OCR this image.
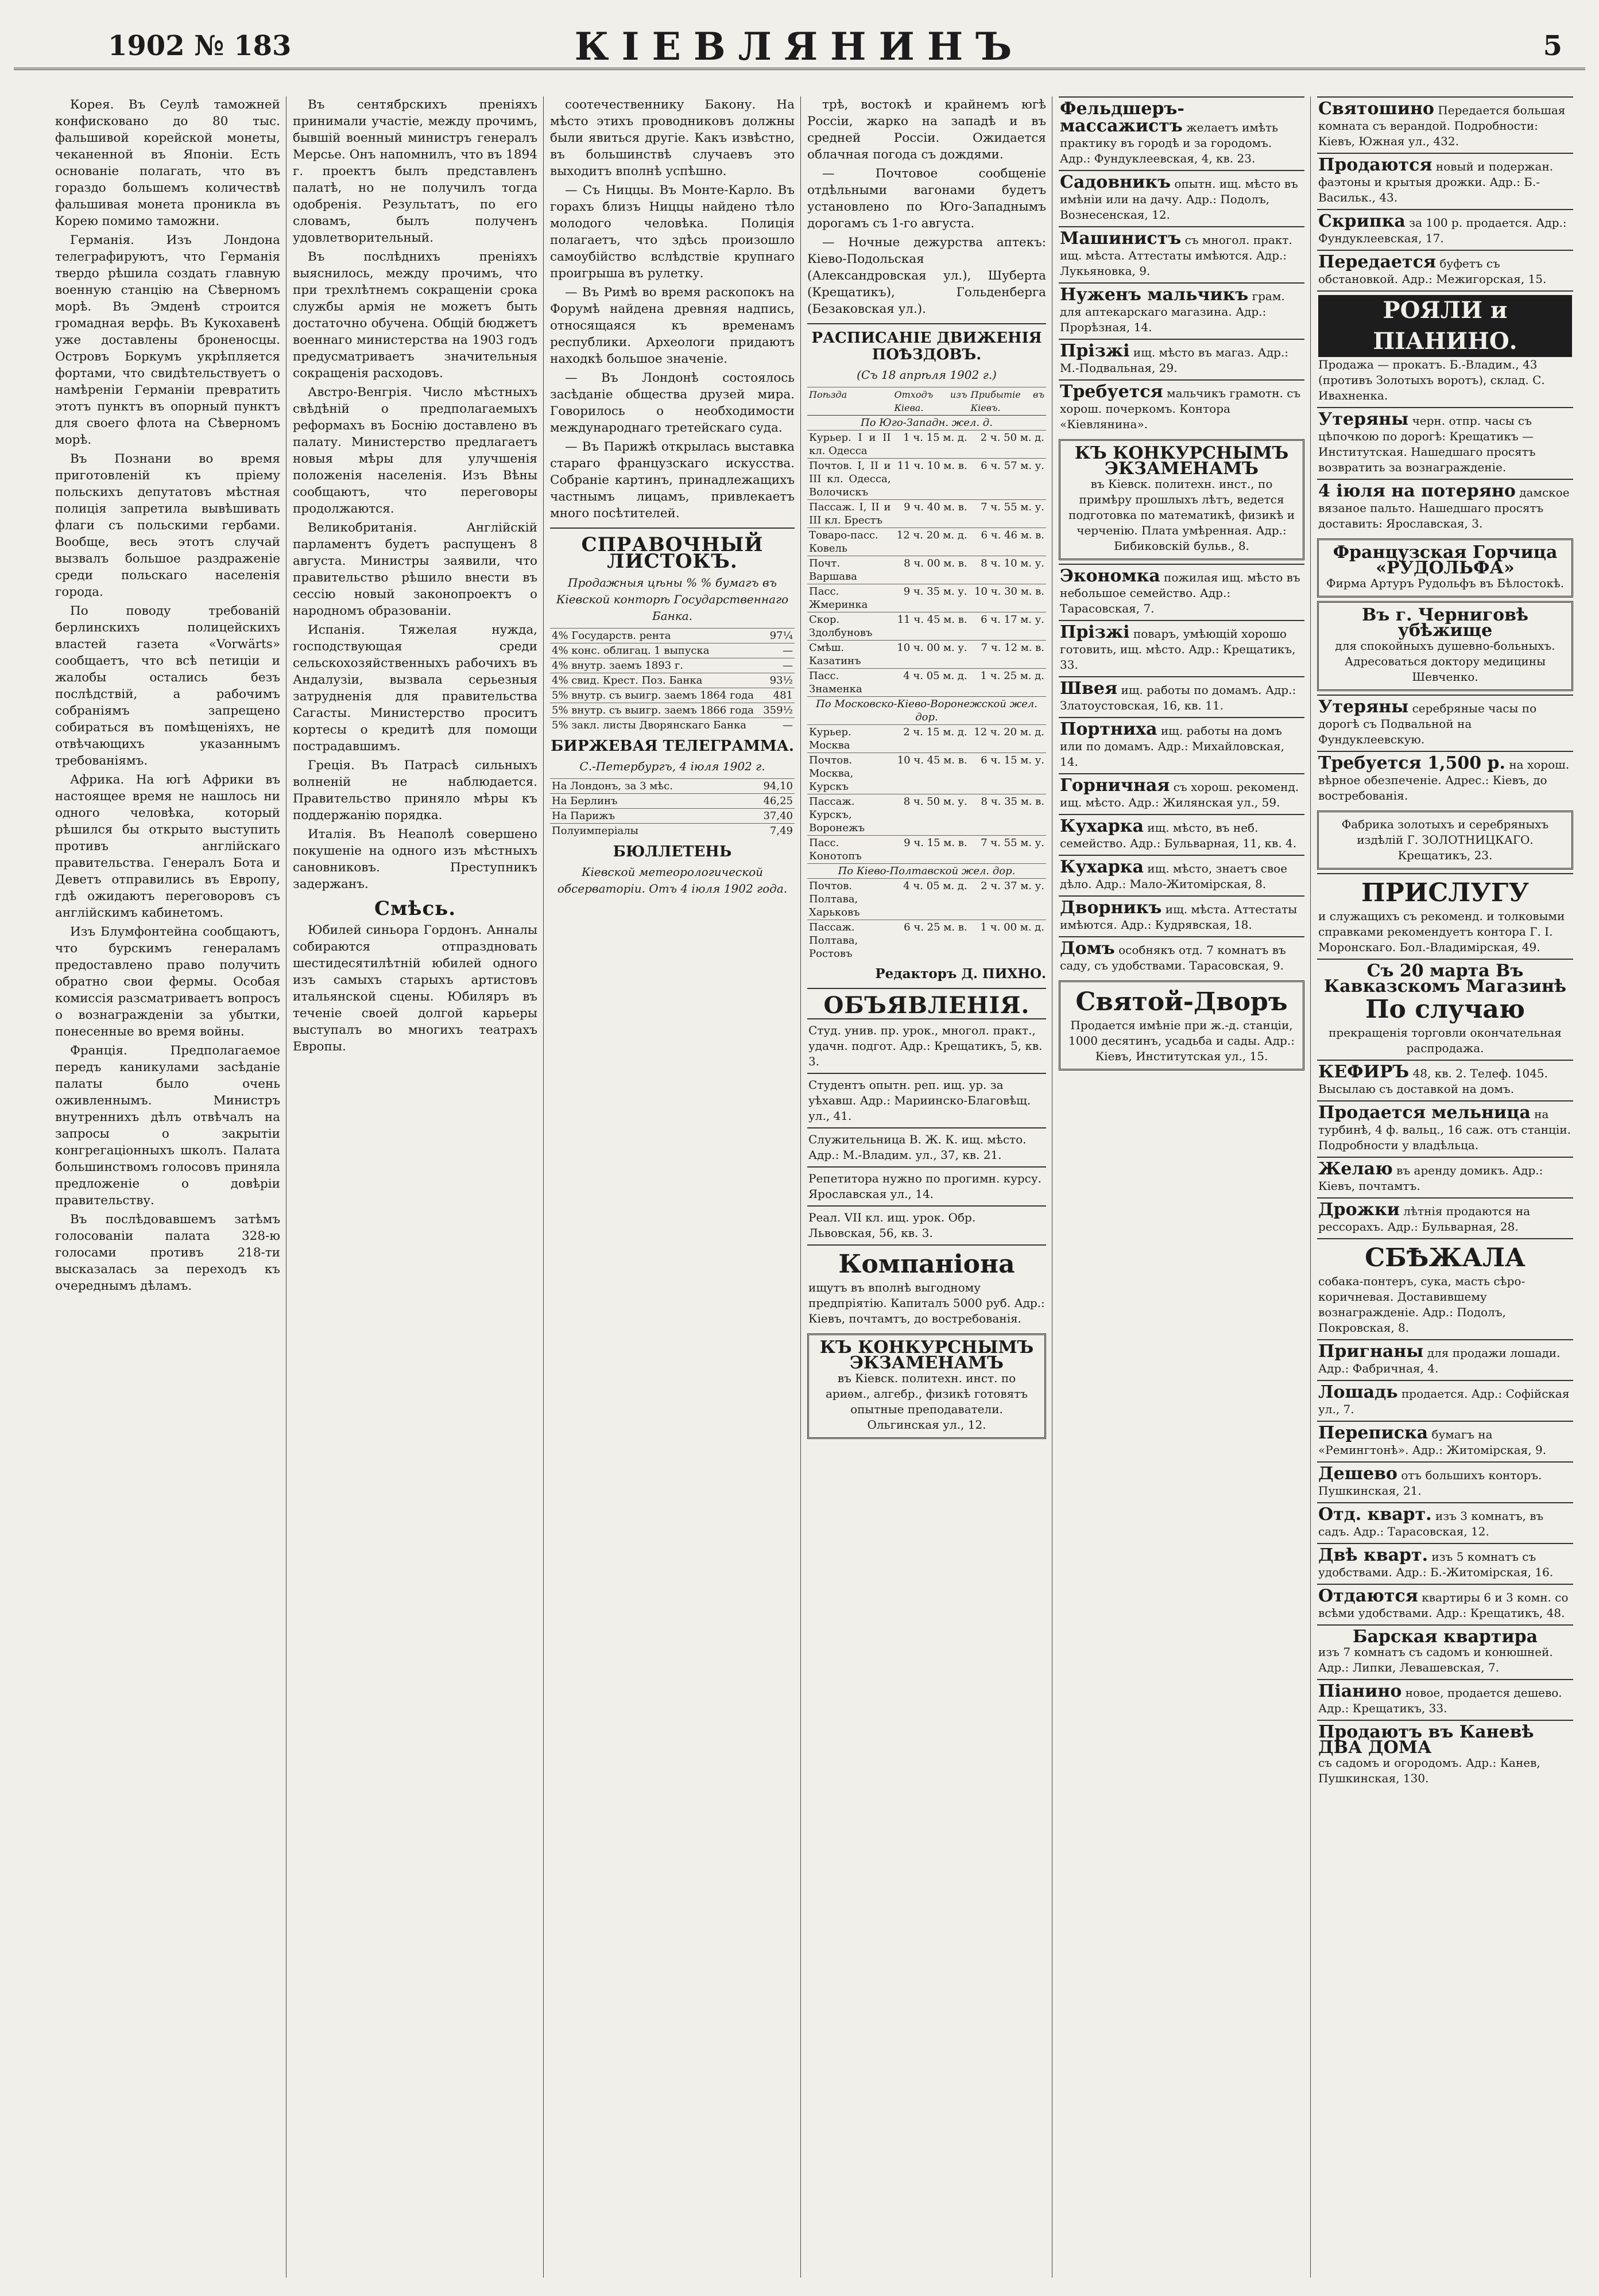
1902 № 183	КІЕВЛЯНИНЪ	5

Корея. Въ Сеулѣ таможней конфисковано до 80 тыс. фальшивой корейской монеты, чеканенной въ Японіи. Есть основаніе полагать, что въ гораздо большемъ количествѣ фальшивая монета проникла въ Корею помимо таможни.

Германія. Изъ Лондона телеграфируютъ, что Германія твердо рѣшила создать главную военную станцію на Сѣверномъ морѣ. Въ Эмденѣ строится громадная верфь. Въ Кукохавенѣ уже доставлены броненосцы. Островъ Боркумъ укрѣпляется фортами, что свидѣтельствуетъ о намѣреніи Германіи превратить этотъ пунктъ въ опорный пунктъ для своего флота на Сѣверномъ морѣ.

Въ Познани во время приготовленій къ пріему польскихъ депутатовъ мѣстная полиція запретила вывѣшивать флаги съ польскими гербами. Вообще, весь этотъ случай вызвалъ большое раздраженіе среди польскаго населенія города.

По поводу требованій берлинскихъ полицейскихъ властей газета «Vorwärts» сообщаетъ, что всѣ петиціи и жалобы остались безъ послѣдствій, а рабочимъ собраніямъ запрещено собираться въ помѣщеніяхъ, не отвѣчающихъ указаннымъ требованіямъ.

Африка. На югѣ Африки въ настоящее время не нашлось ни одного человѣка, который рѣшился бы открыто выступить противъ англійскаго правительства. Генералъ Бота и Деветъ отправились въ Европу, гдѣ ожидаютъ переговоровъ съ англійскимъ кабинетомъ.

Изъ Блумфонтейна сообщаютъ, что бурскимъ генераламъ предоставлено право получить обратно свои фермы. Особая комиссія разсматриваетъ вопросъ о вознагражденіи за убытки, понесенные во время войны.

Франція. Предполагаемое передъ каникулами засѣданіе палаты было очень оживленнымъ. Министръ внутреннихъ дѣлъ отвѣчалъ на запросы о закрытіи конгрегаціонныхъ школъ. Палата большинствомъ голосовъ приняла предложеніе о довѣріи правительству.

Въ послѣдовавшемъ затѣмъ голосованіи палата 328-ю голосами противъ 218-ти высказалась за переходъ къ очереднымъ дѣламъ.

Въ сентябрскихъ преніяхъ принимали участіе, между прочимъ, бывшій военный министръ генералъ Мерсье. Онъ напомнилъ, что въ 1894 г. проектъ былъ представленъ палатѣ, но не получилъ тогда одобренія. Результатъ, по его словамъ, былъ полученъ удовлетворительный.

Въ послѣднихъ преніяхъ выяснилось, между прочимъ, что при трехлѣтнемъ сокращеніи срока службы армія не можетъ быть достаточно обучена. Общій бюджетъ военнаго министерства на 1903 годъ предусматриваетъ значительныя сокращенія расходовъ.

Австро-Венгрія. Число мѣстныхъ свѣдѣній о предполагаемыхъ реформахъ въ Боснію доставлено въ палату. Министерство предлагаетъ новыя мѣры для улучшенія положенія населенія. Изъ Вѣны сообщаютъ, что переговоры продолжаются.

Великобританія. Англійскій парламентъ будетъ распущенъ 8 августа. Министры заявили, что правительство рѣшило внести въ сессію новый законопроектъ о народномъ образованіи.

Испанія. Тяжелая нужда, господствующая среди сельскохозяйственныхъ рабочихъ въ Андалузіи, вызвала серьезныя затрудненія для правительства Сагасты. Министерство проситъ кортесы о кредитѣ для помощи пострадавшимъ.

Греція. Въ Патрасѣ сильныхъ волненій не наблюдается. Правительство приняло мѣры къ поддержанію порядка.

Италія. Въ Неаполѣ совершено покушеніе на одного изъ мѣстныхъ сановниковъ. Преступникъ задержанъ.

Смѣсь.

Юбилей синьора Гордонъ. Анналы собираются отпраздновать шестидесятилѣтній юбилей одного изъ самыхъ старыхъ артистовъ итальянской сцены. Юбиляръ въ теченіе своей долгой карьеры выступалъ во многихъ театрахъ Европы.

соотечественнику Бакону. На мѣсто этихъ проводниковъ должны были явиться другіе. Какъ извѣстно, въ большинствѣ случаевъ это выходитъ вполнѣ успѣшно.

— Съ Ниццы. Въ Монте-Карло. Въ горахъ близъ Ниццы найдено тѣло молодого человѣка. Полиція полагаетъ, что здѣсь произошло самоубійство вслѣдствіе крупнаго проигрыша въ рулетку.

— Въ Римѣ во время раскопокъ на Форумѣ найдена древняя надпись, относящаяся къ временамъ республики. Археологи придаютъ находкѣ большое значеніе.

— Въ Лондонѣ состоялось засѣданіе общества друзей мира. Говорилось о необходимости международнаго третейскаго суда.

— Въ Парижѣ открылась выставка стараго французскаго искусства. Собраніе картинъ, принадлежащихъ частнымъ лицамъ, привлекаетъ много посѣтителей.

СПРАВОЧНЫЙ ЛИСТОКЪ.
Продажныя цѣны % % бумагъ въ Кіевской конторѣ Государственнаго Банка.
4% Государств. рента	97¼
4% конс. облигац. 1 выпуска	—
4% внутр. заемъ 1893 г.	—
4% свид. Крест. Поз. Банка	93½
5% внутр. съ выигр. заемъ 1864 года	481
5% внутр. съ выигр. заемъ 1866 года	359½
5% закл. листы Дворянскаго Банка	—
БИРЖЕВАЯ ТЕЛЕГРАММА.
С.-Петербургъ, 4 іюля 1902 г.
На Лондонъ, за 3 мѣс.	94,10
На Берлинъ	46,25
На Парижъ	37,40
Полуимперіалы	7,49
БЮЛЛЕТЕНЬ
Кіевской метеорологической обсерваторіи. Отъ 4 іюля 1902 года.

трѣ, востокѣ и крайнемъ югѣ Россіи, жарко на западѣ и въ средней Россіи. Ожидается облачная погода съ дождями.

— Почтовое сообщеніе отдѣльными вагонами будетъ установлено по Юго-Западнымъ дорогамъ съ 1-го августа.

— Ночные дежурства аптекъ: Кіево-Подольская (Александровская ул.), Шуберта (Крещатикъ), Гольденберга (Безаковская ул.).

РАСПИСАНІЕ ДВИЖЕНІЯ ПОѢЗДОВЪ.
(Съ 18 апрѣля 1902 г.)
Поѣзда	Отходъ изъ Кіева.	Прибытіе въ Кіевъ.
По Юго-Западн. жел. д.		
Курьер. I и II кл. Одесса	1 ч. 15 м. д.	2 ч. 50 м. д.
Почтов. I, II и III кл. Одесса, Волочискъ	11 ч. 10 м. в.	6 ч. 57 м. у.
Пассаж. I, II и III кл. Брестъ	9 ч. 40 м. в.	7 ч. 55 м. у.
Товаро-пасс. Ковель	12 ч. 20 м. д.	6 ч. 46 м. в.
Почт. Варшава	8 ч. 00 м. в.	8 ч. 10 м. у.
Пасс. Жмеринка	9 ч. 35 м. у.	10 ч. 30 м. в.
Скор. Здолбуновъ	11 ч. 45 м. в.	6 ч. 17 м. у.
Смѣш. Казатинъ	10 ч. 00 м. у.	7 ч. 12 м. в.
Пасс. Знаменка	4 ч. 05 м. д.	1 ч. 25 м. д.
По Московско-Кіево-Воронежской жел. дор.		
Курьер. Москва	2 ч. 15 м. д.	12 ч. 20 м. д.
Почтов. Москва, Курскъ	10 ч. 45 м. в.	6 ч. 15 м. у.
Пассаж. Курскъ, Воронежъ	8 ч. 50 м. у.	8 ч. 35 м. в.
Пасс. Конотопъ	9 ч. 15 м. в.	7 ч. 55 м. у.
По Кіево-Полтавской жел. дор.		
Почтов. Полтава, Харьковъ	4 ч. 05 м. д.	2 ч. 37 м. у.
Пассаж. Полтава, Ростовъ	6 ч. 25 м. в.	1 ч. 00 м. д.
Редакторъ Д. ПИХНО.
ОБЪЯВЛЕНІЯ.
Студ. унив. пр. урок., многол. практ., удачн. подгот. Адр.: Крещатикъ, 5, кв. 3.
Студентъ опытн. реп. ищ. ур. за уѣхавш. Адр.: Мариинско-Благовѣщ. ул., 41.
Служительница В. Ж. К. ищ. мѣсто. Адр.: М.-Владим. ул., 37, кв. 21.
Репетитора нужно по прогимн. курсу. Ярославская ул., 14.
Реал. VII кл. ищ. урок. Обр. Львовская, 56, кв. 3.
Компаніона
ищутъ въ вполнѣ выгодному предпріятію. Капиталъ 5000 руб. Адр.: Кіевъ, почтамтъ, до востребованія.
КЪ КОНКУРСНЫМЪ ЭКЗАМЕНАМЪ
въ Кіевск. политехн. инст. по ариѳм., алгебр., физикѣ готовятъ опытные преподаватели. Ольгинская ул., 12.
Фельдшеръ-массажистъ желаетъ имѣть практику въ городѣ и за городомъ. Адр.: Фундуклеевская, 4, кв. 23.
Садовникъ опытн. ищ. мѣсто въ имѣніи или на дачу. Адр.: Подолъ, Вознесенская, 12.
Машинистъ съ многол. практ. ищ. мѣста. Аттестаты имѣются. Адр.: Лукьяновка, 9.
Нуженъ мальчикъ грам. для аптекарскаго магазина. Адр.: Прорѣзная, 14.
Прізжі ищ. мѣсто въ магаз. Адр.: М.-Подвальная, 29.
Требуется мальчикъ грамотн. съ хорош. почеркомъ. Контора «Кіевлянина».
КЪ КОНКУРСНЫМЪ ЭКЗАМЕНАМЪ
въ Кіевск. политехн. инст., по примѣру прошлыхъ лѣтъ, ведется подготовка по математикѣ, физикѣ и черченію. Плата умѣренная. Адр.: Бибиковскій бульв., 8.
Экономка пожилая ищ. мѣсто въ небольшое семейство. Адр.: Тарасовская, 7.
Прізжі поваръ, умѣющій хорошо готовить, ищ. мѣсто. Адр.: Крещатикъ, 33.
Швея ищ. работы по домамъ. Адр.: Златоустовская, 16, кв. 11.
Портниха ищ. работы на домъ или по домамъ. Адр.: Михайловская, 14.
Горничная съ хорош. рекоменд. ищ. мѣсто. Адр.: Жилянская ул., 59.
Кухарка ищ. мѣсто, въ неб. семейство. Адр.: Бульварная, 11, кв. 4.
Кухарка ищ. мѣсто, знаетъ свое дѣло. Адр.: Мало-Житомірская, 8.
Дворникъ ищ. мѣста. Аттестаты имѣются. Адр.: Кудрявская, 18.
Домъ особнякъ отд. 7 комнатъ въ саду, съ удобствами. Тарасовская, 9.
Святой-Дворъ
Продается имѣніе при ж.-д. станціи, 1000 десятинъ, усадьба и сады. Адр.: Кіевъ, Институтская ул., 15.
Святошино Передается большая комната съ верандой. Подробности: Кіевъ, Южная ул., 432.
Продаются новый и подержан. фаэтоны и крытыя дрожки. Адр.: Б.-Васильк., 43.
Скрипка за 100 р. продается. Адр.: Фундуклеевская, 17.
Передается буфетъ съ обстановкой. Адр.: Межигорская, 15.
РОЯЛИ и ПІАНИНО.
Продажа — прокатъ. Б.-Владим., 43 (противъ Золотыхъ воротъ), склад. С. Ивахненка.
Утеряны черн. отпр. часы съ цѣпочкою по дорогѣ: Крещатикъ — Институтская. Нашедшаго просятъ возвратить за вознагражденіе.
4 іюля на потеряно дамское вязаное пальто. Нашедшаго просятъ доставить: Ярославская, 3.
Французская Горчица «РУДОЛЬФА»
Фирма Артуръ Рудольфъ въ Бѣлостокѣ.
Въ г. Черниговѣ убѣжище
для спокойныхъ душевно-больныхъ. Адресоваться доктору медицины Шевченко.
Утеряны серебряные часы по дорогѣ съ Подвальной на Фундуклеевскую.
Требуется 1,500 р. на хорош. вѣрное обезпеченіе. Адрес.: Кіевъ, до востребованія.
Фабрика золотыхъ и серебряныхъ издѣлій Г. ЗОЛОТНИЦКАГО. Крещатикъ, 23.
ПРИСЛУГУ
и служащихъ съ рекоменд. и толковыми справками рекомендуетъ контора Г. I. Моронскаго. Бол.-Владимірская, 49.
Съ 20 марта Въ Кавказскомъ Магазинѣ
По случаю
прекращенія торговли окончательная распродажа.
КЕФИРЪ 48, кв. 2. Телеф. 1045. Высылаю съ доставкой на домъ.
Продается мельница на турбинѣ, 4 ф. вальц., 16 саж. отъ станціи. Подробности у владѣльца.
Желаю въ аренду домикъ. Адр.: Кіевъ, почтамтъ.
Дрожки лѣтнія продаются на рессорахъ. Адр.: Бульварная, 28.
СБѢЖАЛА
собака-понтеръ, сука, масть сѣро-коричневая. Доставившему вознагражденіе. Адр.: Подолъ, Покровская, 8.
Пригнаны для продажи лошади. Адр.: Фабричная, 4.
Лошадь продается. Адр.: Софійская ул., 7.
Переписка бумагъ на «Ремингтонѣ». Адр.: Житомірская, 9.
Дешево отъ большихъ конторъ. Пушкинская, 21.
Отд. кварт. изъ 3 комнатъ, въ садъ. Адр.: Тарасовская, 12.
Двѣ кварт. изъ 5 комнатъ съ удобствами. Адр.: Б.-Житомірская, 16.
Отдаются квартиры 6 и 3 комн. со всѣми удобствами. Адр.: Крещатикъ, 48.
Барская квартира
изъ 7 комнатъ съ садомъ и конюшней. Адр.: Липки, Левашевская, 7.
Піанино новое, продается дешево. Адр.: Крещатикъ, 33.
Продаютъ въ Каневѣ ДВА ДОМА
съ садомъ и огородомъ. Адр.: Канев, Пушкинская, 130.
